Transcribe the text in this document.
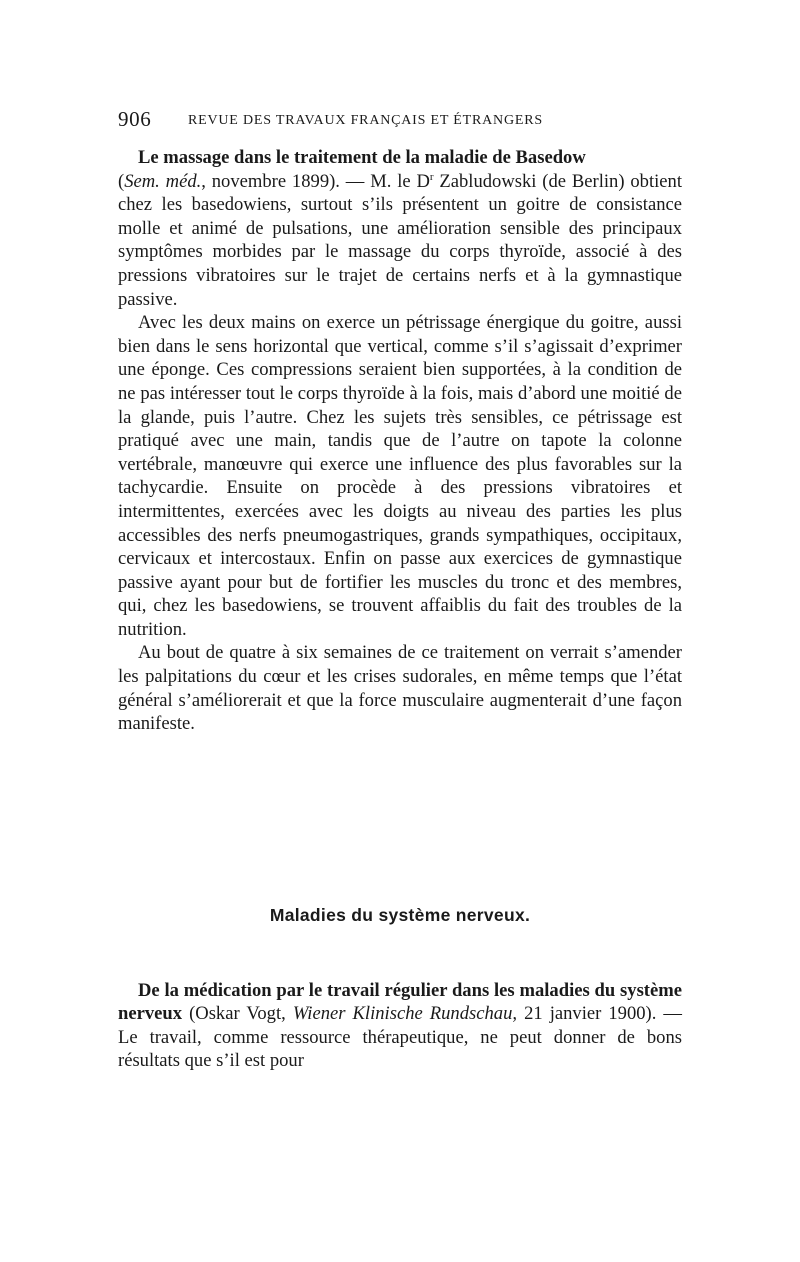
906	REVUE DES TRAVAUX FRANÇAIS ET ÉTRANGERS

Le massage dans le traitement de la maladie de Basedow
(Sem. méd., novembre 1899). — M. le $D^r$ Zabludowski (de Berlin) obtient chez les basedowiens, surtout s’ils présentent un goitre de consistance molle et animé de pulsations, une amélioration sensible des principaux symptômes morbides par le massage du corps thyroïde, associé à des pressions vibratoires sur le trajet de certains nerfs et à la gymnastique passive.

Avec les deux mains on exerce un pétrissage énergique du goitre, aussi bien dans le sens horizontal que vertical, comme s’il s’agissait d’exprimer une éponge. Ces compressions seraient bien supportées, à la condition de ne pas intéresser tout le corps thyroïde à la fois, mais d’abord une moitié de la glande, puis l’autre. Chez les sujets très sensibles, ce pétrissage est pratiqué avec une main, tandis que de l’autre on tapote la colonne vertébrale, manœuvre qui exerce une influence des plus favorables sur la tachycardie. Ensuite on procède à des pressions vibratoires et intermittentes, exercées avec les doigts au niveau des parties les plus accessibles des nerfs pneumogastriques, grands sympathiques, occipitaux, cervicaux et intercostaux. Enfin on passe aux exercices de gymnastique passive ayant pour but de fortifier les muscles du tronc et des membres, qui, chez les basedowiens, se trouvent affaiblis du fait des troubles de la nutrition.

Au bout de quatre à six semaines de ce traitement on verrait s’amender les palpitations du cœur et les crises sudorales, en même temps que l’état général s’améliorerait et que la force musculaire augmenterait d’une façon manifeste.

Maladies du système nerveux.

De la médication par le travail régulier dans les maladies du système nerveux (Oskar Vogt, Wiener Klinische Rundschau, 21 janvier 1900). — Le travail, comme ressource thérapeutique, ne peut donner de bons résultats que s’il est pour
